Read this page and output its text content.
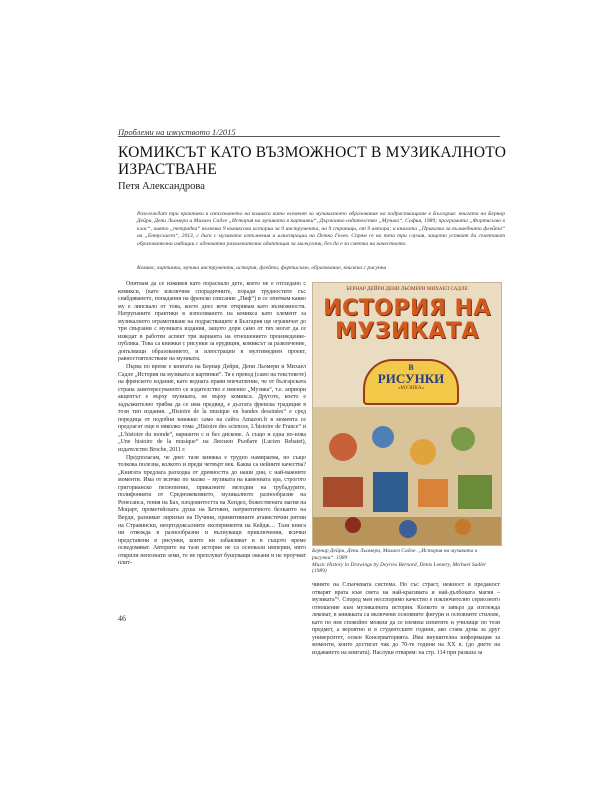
Проблеми на изкуството 1/2015
КОМИКСЪТ КАТО ВЪЗМОЖНОСТ В МУЗИКАЛНОТО ИЗРАСТВАНЕ
Петя Александрова
Разглеждат три практики в използването на комикса като елемент за музикалното образование на подрастващите в България: книгата на Бернар Дейри, Дени Льомери и Михаел Садле „История на музиката в картинки“, Държавно издателство „Музика“, София, 1989; програмата „Фортисимо в клас“, чиято „тетрадка“ включва 9 комиксови истории за 9 инструмента, на 9 страници, от 9 автора; и книгата „Приказка за вълшебната флейта“ на „Ентусиаст“, 2013, с диск с музиката изпълнения и илюстрации на Петко Гелев. Спрям се на тези три случая, защото успяват да съчетават образователни амбиции с адекватна развлекателна адаптация за малчугани, без да е за сметка на качеството.
Комикс, картинки, музика инструменти, история, флейта, фортисимо, образование, книжка с рисунки

Опитвам да се изживея като порасналo дете, което не е отгледано с комикси, (като изключим спорадичните, поради трудностите със снабдяването, попадания на френско списание „Пиф“) и се опитвам какво му е липсвало от това, което днес вече откривам като възможности. Натрупаните практики в използването на комикса като елемент за музикалното ограмотяване на подрастващите в България ще ограничат до три свързани с музиката издания, защото дори само от тях могат да се изведат в работен аспект три варианта на отношението произведение-публика. Това са книжки с рисунки за ерудиция, комиксът за развлечение, допълващи образованието, и илюстрации в мултимедиен проект, равностоятелстване на музиката.

Първа по време е книгата на Бернар Дейри, Дени Льомери и Михаел Садле „История на музиката в картинки“. Тя е превод (само на текстовете) на френското издание, като ведната прави впечатление, че от българската страна заинтересуваното се издателство е именно „Музика“, т.е. априори акцентът е върху музиката, не върху комикса. Другото, което е задължително трябва да се има предвид, е дългата френска традиция в този тип издания. „Histoire de la musique en bandes dessinées“ е сред поредица от подобни книжки: само на сайта Amazon.fr в момента се предлагат още в няколко тома „Histoire des sciences, L'histoire de France“ и „L'histoire du monde“, варианти с и без дискове. А също и една по-нова „Une histoire de la musique“ на Люсиен Ръобате (Lucien Rebatet), издателство Broche, 2011 г.

Предполагам, че днес тази книжка е трудно намираема, но също толкова полезна, колкото и преди четвърт век. Каква са нейните качества? „Книгата предлага разходка от древността до наши дни, с най-важните моменти. Има от всичко по малко – музиката на каменната ера, строгото григорианско песнопение, приказните мелодии на трубадурите, полифонията от Средновековието, музикалното разнообразие на Ренесанса, гения на Бах, плодовитостта на Хендел, божествената магия на Моцарт, прометейската душа на Бетовен, патриотичното белкантo на Верди, разнимат лиризъм на Пучини, примитивните атавистични ритми на Стравински, неортодоксалните експерименти на Кейдж… Тази книга ни отвежда в разнообразни и вълнуващи приключения, всички представени в рисунки, които ни забавляват и в същото време осведомяват. Авторите на тази история не са основали империи, нито открили непознати земи, те не преплуват бушуващи океани и не проучват плит-

БЕРНАР ДЕЙРИ ДЕНИ ЛЬОМЕРИ МИХАЕЛ САДЛЕ
ИСТОРИЯ НА МУЗИКАТА
В
РИСУНКИ
«МУЗИКА»
Бернар Дейри, Дени Льомери, Михаел Садле. „История на музиката в рисунки“. 1989
Music History in Drawings by Deyries Bernard, Denis Lemery, Michael Sadler (1989)

чините на Слънчевата система. Но със страст, нежност и преданост отварят врата към света на най-красивата и най-дълбоката магия – музиката“¹. Според мен несспоримо качество е изключително сериозното отношение към музикалната история. Колкото и завърз да изглежда лековат, в книжката са включени основните фигури и основните стилове, като по нея спокойно можеш да се вземеш изпитите и училище по този предмет, а вероятно и в студентските години, ако става дума за друг университет, освен Консерваторията. Има внушителна информация за моменти, които достигат чак до 70-те години на XX в. (до днете на издаването на книгата). Наслуки отварям: на стр. 114 при разказа за

46
